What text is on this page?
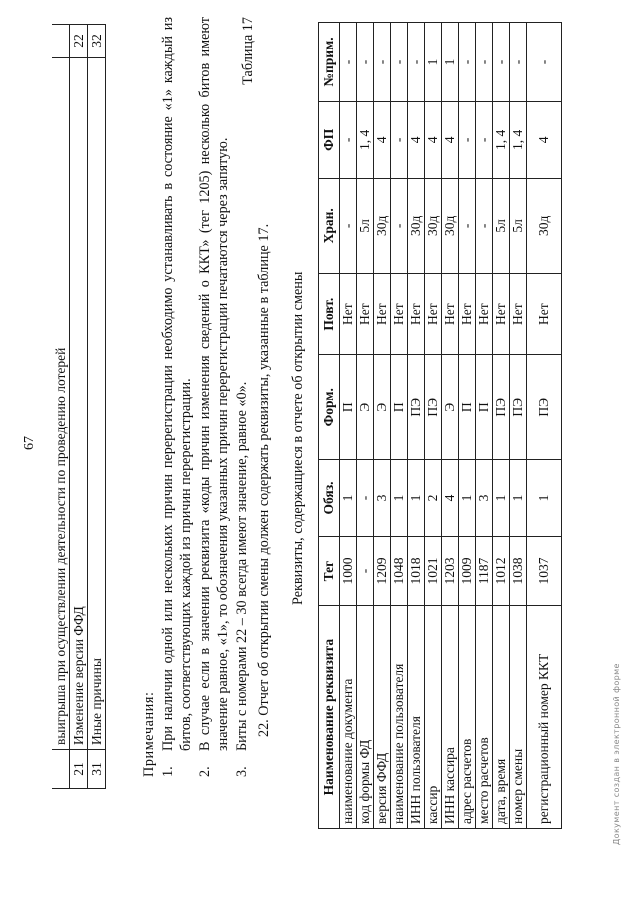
67
	выигрыша при осуществлении деятельности по проведению лотерей	
21	Изменение версии ФФД	22
31	Иные причины	32
Примечания: 1.
При наличии одной или нескольких причин перерегистрации необходимо устанавливать в состояние «1» каждый из битов, соответствующих каждой из причин перерегистрации.
2.
В случае если в значении реквизита «коды причин изменения сведений о ККТ» (тег 1205) несколько битов имеют значение равное, «1», то обозначения указанных причин перерегистрации печатаются через запятую.
3.
Биты с номерами 22 – 30 всегда имеют значение, равное «0». 22. Отчет об открытии смены должен содержать реквизиты, указанные в таблице 17.
Таблица 17
Реквизиты, содержащиеся в отчете об открытии смены
Наименование реквизита	Тег	Обяз.	Форм.	Повт.	Хран.	ФП	№прим.
наименование документа	1000	1	П	Нет	-	-	-
код формы ФД	-	-	Э	Нет	5л	1, 4	-
версия ФФД	1209	3	Э	Нет	30д	4	-
наименование пользователя	1048	1	П	Нет	-	-	-
ИНН пользователя	1018	1	ПЭ	Нет	30д	4	-
кассир	1021	2	ПЭ	Нет	30д	4	1
ИНН кассира	1203	4	Э	Нет	30д	4	1
адрес расчетов	1009	1	П	Нет	-	-	-
место расчетов	1187	3	П	Нет	-	-	-
дата, время	1012	1	ПЭ	Нет	5л	1, 4	-
номер смены	1038	1	ПЭ	Нет	5л	1, 4	-
регистрационный номер ККТ	1037	1	ПЭ	Нет	30д	4	-
Документ создан в электронной форме
